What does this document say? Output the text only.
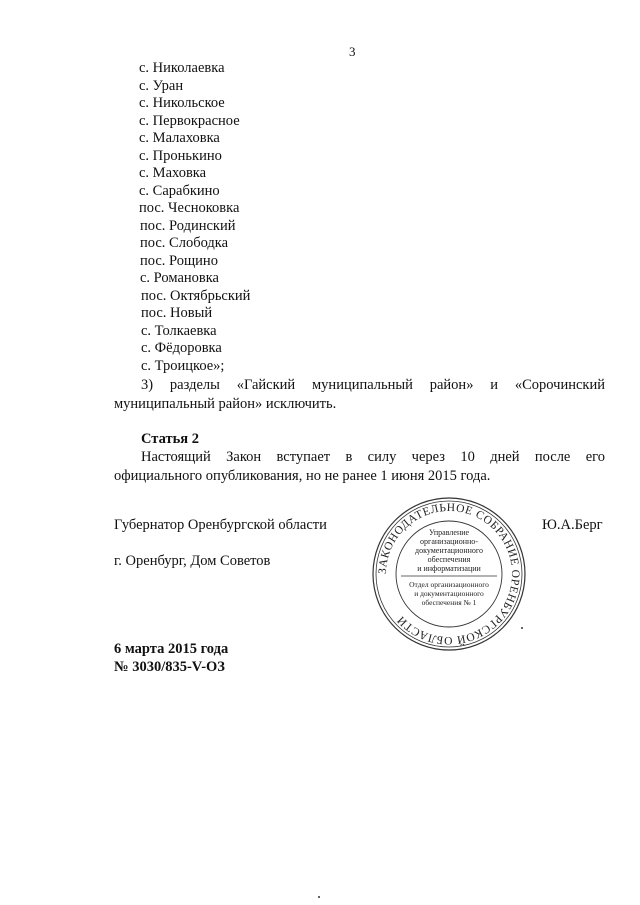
3
с. Николаевка
с. Уран
с. Никольское
с. Первокрасное
с. Малаховка
с. Пронькино
с. Маховка
с. Сарабкино
пос. Чесноковка
пос. Родинский
пос. Слободка
пос. Рощино
с. Романовка
пос. Октябрьский
пос. Новый
с. Толкаевка
с. Фёдоровка
с. Троицкое»;
3) разделы «Гайский муниципальный район» и «Сорочинский
муниципальный район» исключить.
Статья 2
Настоящий Закон вступает в силу через 10 дней после его
официального опубликования, но не ранее 1 июня 2015 года.
Губернатор Оренбургской области	Ю.А.Берг
г. Оренбург, Дом Советов
6 марта 2015 года
№ 3030/835-V-ОЗ
ЗАКОНОДАТЕЛЬНОЕ СОБРАНИЕ ОРЕНБУРГСКОЙ ОБЛАСТИ
Управление
организационно-
документационного
обеспечения
и информатизации
Отдел организационного
и документационного
обеспечения № 1
